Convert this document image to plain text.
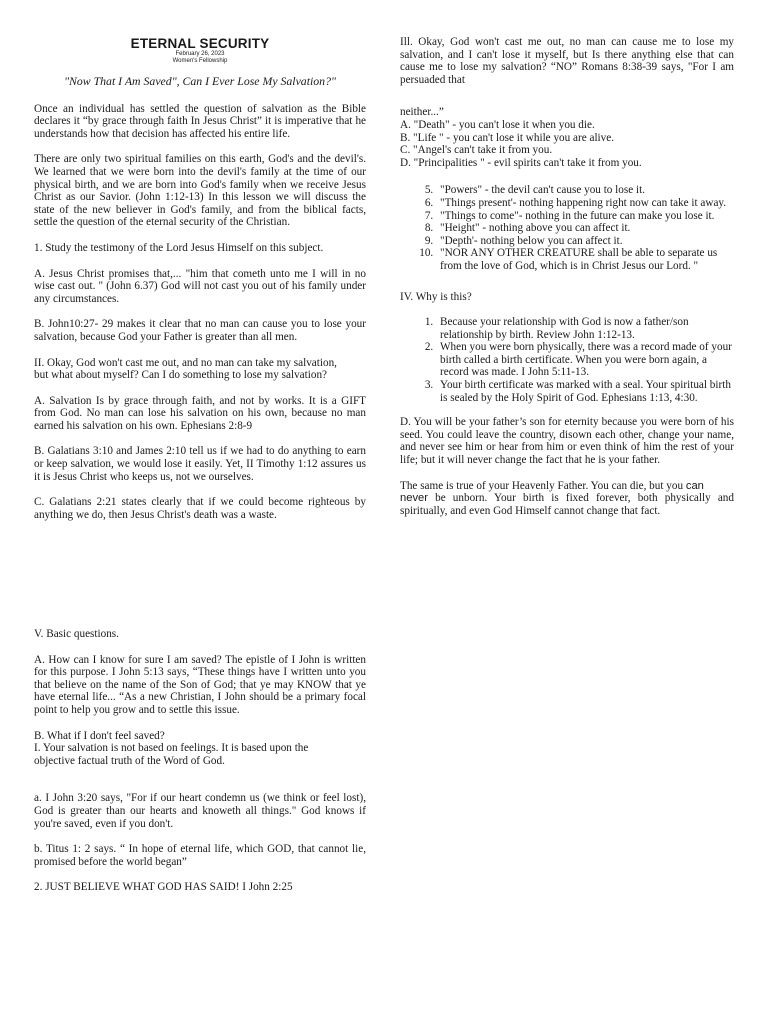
ETERNAL SECURITY

February 26, 2023

Women's Fellowship

"Now That I Am Saved", Can I Ever Lose My Salvation?"

Once an individual has settled the question of salvation as the Bible declares it “by grace through faith In Jesus Christ” it is imperative that he understands how that decision has affected his entire life.

There are only two spiritual families on this earth, God's and the devil's. We learned that we were born into the devil's family at the time of our physical birth, and we are born into God's family when we receive Jesus Christ as our Savior. (John 1:12-13) In this lesson we will discuss the state of the new believer in God's family, and from the biblical facts, settle the question of the eternal security of the Christian.

1. Study the testimony of the Lord Jesus Himself on this subject.

A. Jesus Christ promises that,... "him that cometh unto me I will in no wise cast out. " (John 6.37) God will not cast you out of his family under any circumstances.

B. John10:27- 29 makes it clear that no man can cause you to lose your salvation, because God your Father is greater than all men.

II. Okay, God won't cast me out, and no man can take my salvation,
but what about myself? Can I do something to lose my salvation?

A. Salvation Is by grace through faith, and not by works. It is a GIFT from God. No man can lose his salvation on his own, because no man earned his salvation on his own. Ephesians 2:8-9

B. Galatians 3:10 and James 2:10 tell us if we had to do anything to earn or keep salvation, we would lose it easily. Yet, II Timothy 1:12 assures us it is Jesus Christ who keeps us, not we ourselves.

C. Galatians 2:21 states clearly that if we could become righteous by anything we do, then Jesus Christ's death was a waste.

V. Basic questions.

A. How can I know for sure I am saved? The epistle of I John is written for this purpose. I John 5:13 says, “These things have I written unto you that believe on the name of the Son of God; that ye may KNOW that ye have eternal life... “As a new Christian, I John should be a primary focal point to help you grow and to settle this issue.

B. What if I don't feel saved?
I. Your salvation is not based on feelings. It is based upon the
objective factual truth of the Word of God.

a. I John 3:20 says, "For if our heart condemn us (we think or feel lost), God is greater than our hearts and knoweth all things." God knows if you're saved, even if you don't.

b. Titus 1: 2 says. “ In hope of eternal life, which GOD, that cannot lie, promised before the world began”

2. JUST BELIEVE WHAT GOD HAS SAID! I John 2:25

Ill. Okay, God won't cast me out, no man can cause me to lose my salvation, and I can't lose it myself, but Is there anything else that can cause me to lose my salvation? “NO” Romans 8:38-39 says, "For I am persuaded that

neither...”
A. "Death" - you can't lose it when you die.
B. "Life " - you can't lose it while you are alive.
C. "Angel's can't take it from you.
D. "Principalities " - evil spirits can't take it from you.
5. "Powers" - the devil can't cause you to lose it.
6. "Things present'- nothing happening right now can take it away.
7. "Things to come"- nothing in the future can make you lose it.
8. "Height" - nothing above you can affect it.
9. "Depth'- nothing below you can affect it.
10. "NOR ANY OTHER CREATURE shall be able to separate us from the love of God, which is in Christ Jesus our Lord. "

IV. Why is this?

1. Because your relationship with God is now a father/son relationship by birth. Review John 1:12-13.
2. When you were born physically, there was a record made of your birth called a birth certificate. When you were born again, a record was made. I John 5:11-13.
3. Your birth certificate was marked with a seal. Your spiritual birth is sealed by the Holy Spirit of God. Ephesians 1:13, 4:30.

D. You will be your father’s son for eternity because you were born of his seed. You could leave the country, disown each other, change your name, and never see him or hear from him or even think of him the rest of your life; but it will never change the fact that he is your father.

The same is true of your Heavenly Father. You can die, but you can
never be unborn. Your birth is fixed forever, both physically and spiritually, and even God Himself cannot change that fact.
